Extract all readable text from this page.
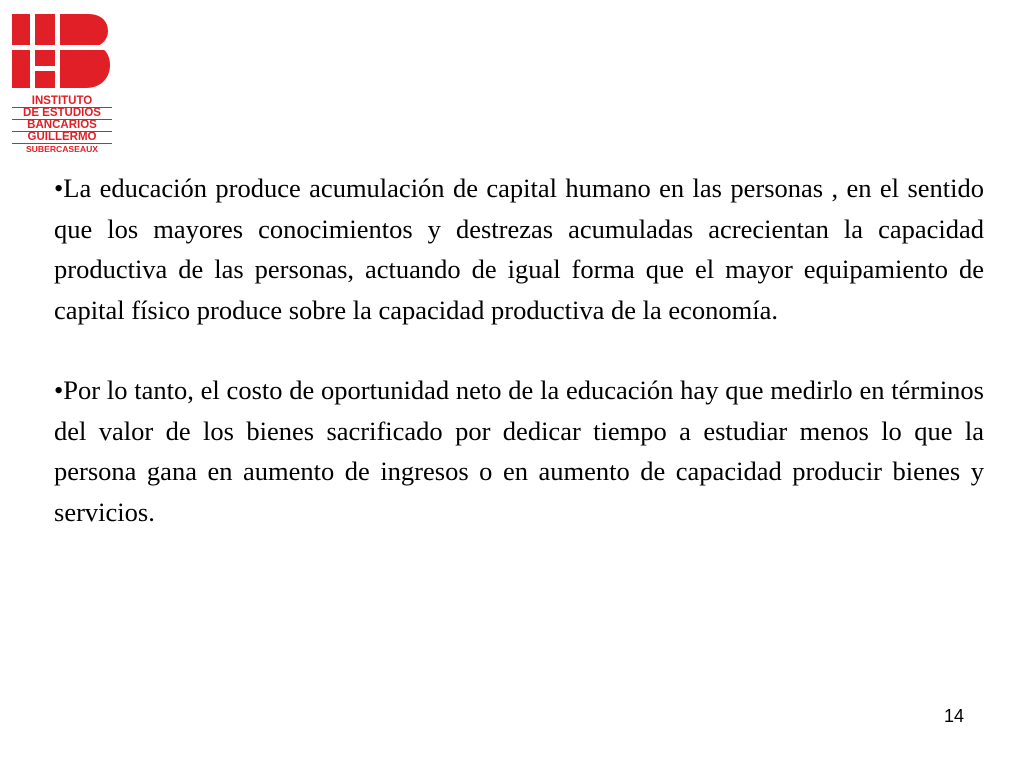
INSTITUTO
DE ESTUDIOS
BANCARIOS
GUILLERMO
SUBERCASEAUX

•La educación produce acumulación de capital humano en las personas , en el sentido que los mayores conocimientos y destrezas acumuladas acrecientan la capacidad productiva de las personas, actuando de igual forma que el mayor equipamiento de capital físico produce sobre la capacidad productiva de la economía.

•Por lo tanto, el costo de oportunidad neto de la educación hay que medirlo en términos del valor de los bienes sacrificado por dedicar tiempo a estudiar menos lo que la persona gana en aumento de ingresos o en aumento de capacidad producir bienes y servicios.

14
